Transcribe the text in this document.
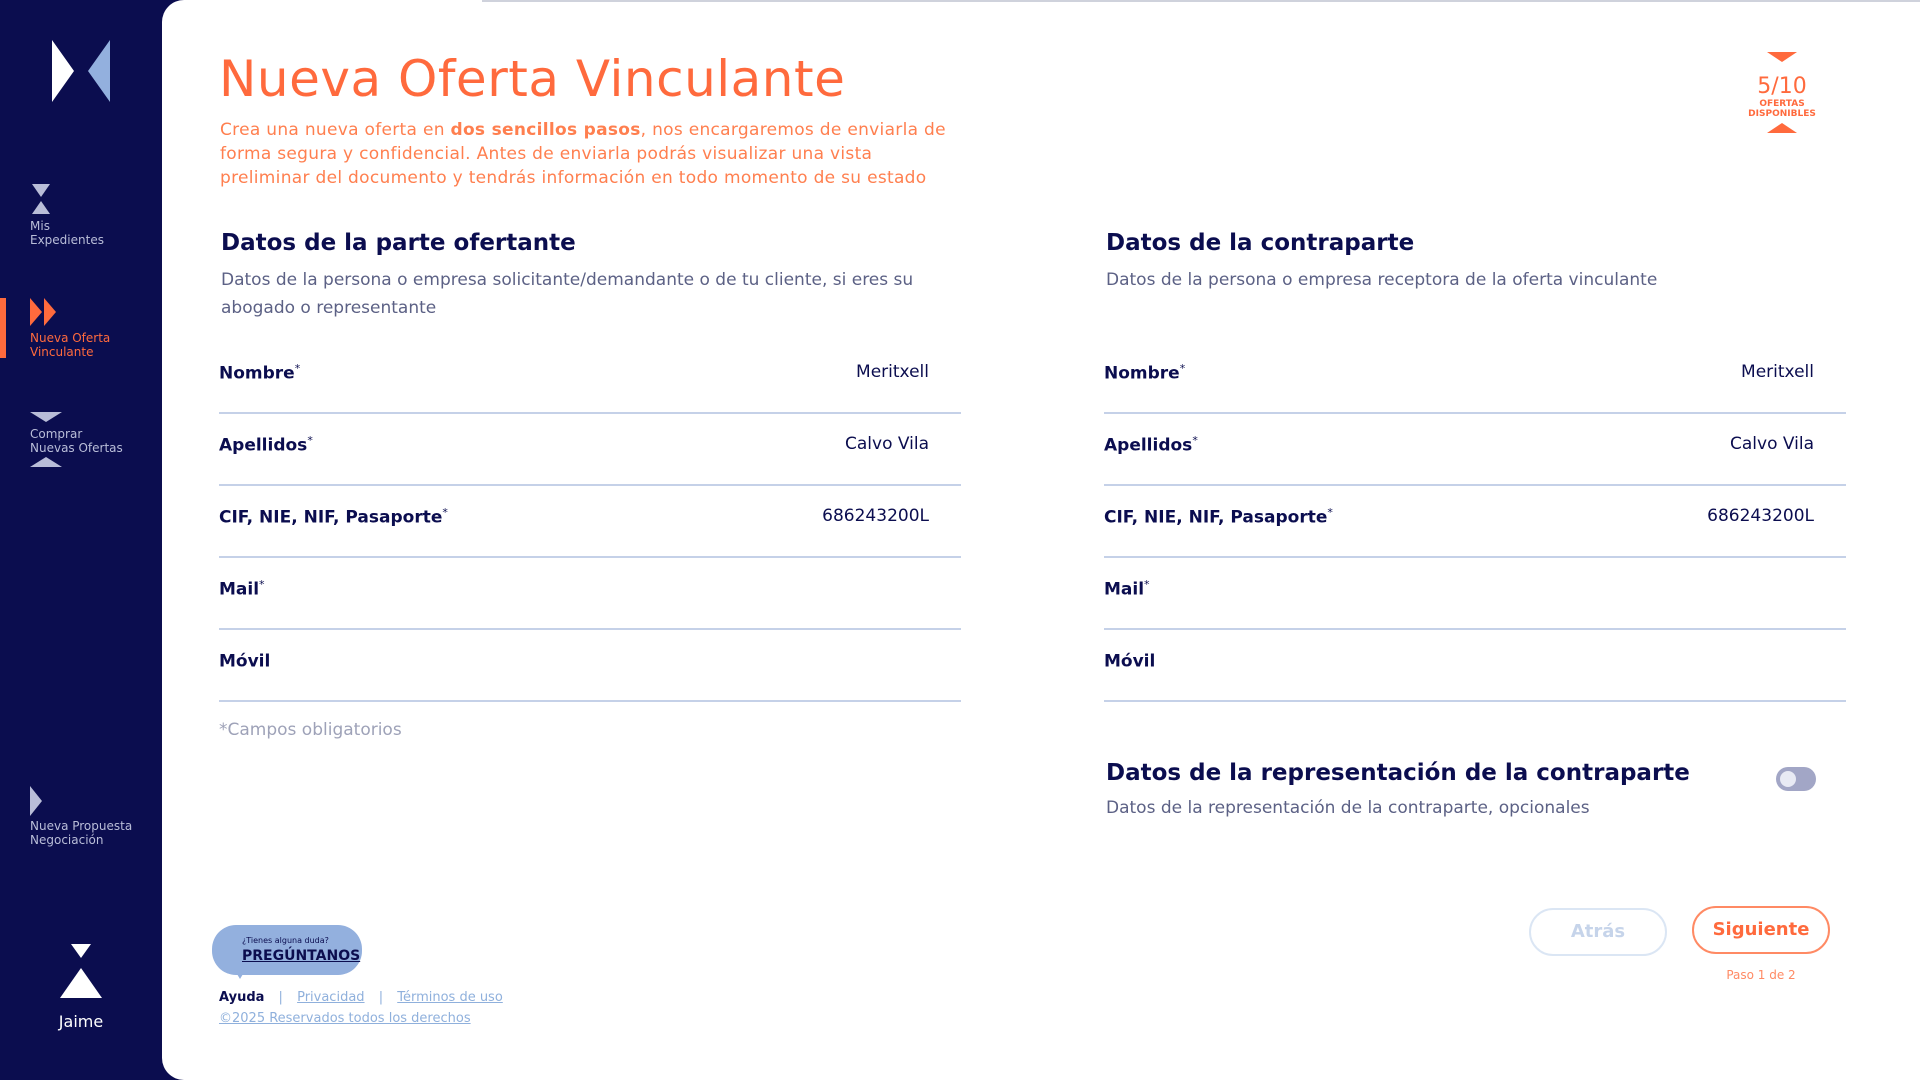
Mis
Expedientes
Nueva Oferta
Vinculante
Comprar
Nuevas Ofertas
Nueva Propuesta
Negociación
Jaime
Nueva Oferta Vinculante

Crea una nueva oferta en dos sencillos pasos, nos encargaremos de enviarla de forma segura y confidencial. Antes de enviarla podrás visualizar una vista preliminar del documento y tendrás información en todo momento de su estado

5/10
OFERTAS
DISPONIBLES
Datos de la parte ofertante

Datos de la persona o empresa solicitante/demandante o de tu cliente, si eres su abogado o representante

Nombre*	Meritxell
Apellidos*	Calvo Vila
CIF, NIE, NIF, Pasaporte*	686243200L
Mail*
Móvil

*Campos obligatorios

Datos de la contraparte

Datos de la persona o empresa receptora de la oferta vinculante

Nombre*	Meritxell
Apellidos*	Calvo Vila
CIF, NIE, NIF, Pasaporte*	686243200L
Mail*
Móvil
Datos de la representación de la contraparte

Datos de la representación de la contraparte, opcionales

Atrás	Siguiente
Paso 1 de 2
¿Tienes alguna duda?
PREGÚNTANOS
Ayuda | Privacidad | Términos de uso
©2025 Reservados todos los derechos
